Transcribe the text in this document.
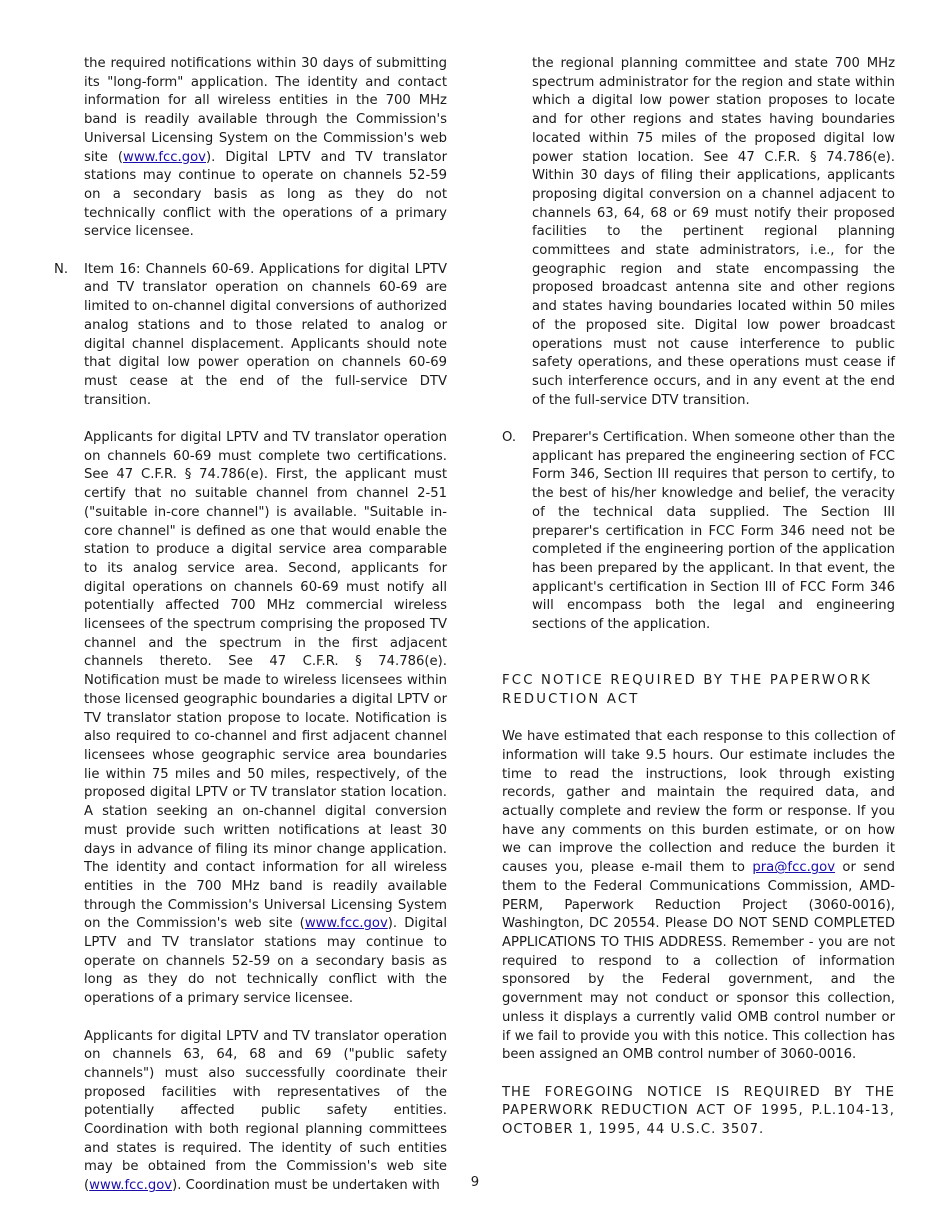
the required notifications within 30 days of submitting its "long-form" application. The identity and contact information for all wireless entities in the 700 MHz band is readily available through the Commission's Universal Licensing System on the Commission's web site (www.fcc.gov). Digital LPTV and TV translator stations may continue to operate on channels 52-59 on a secondary basis as long as they do not technically conflict with the operations of a primary service licensee.

N. Item 16: Channels 60-69. Applications for digital LPTV and TV translator operation on channels 60-69 are limited to on-channel digital conversions of authorized analog stations and to those related to analog or digital channel displacement. Applicants should note that digital low power operation on channels 60-69 must cease at the end of the full-service DTV transition.

Applicants for digital LPTV and TV translator operation on channels 60-69 must complete two certifications. See 47 C.F.R. § 74.786(e). First, the applicant must certify that no suitable channel from channel 2-51 ("suitable in-core channel") is available. "Suitable in-core channel" is defined as one that would enable the station to produce a digital service area comparable to its analog service area. Second, applicants for digital operations on channels 60-69 must notify all potentially affected 700 MHz commercial wireless licensees of the spectrum comprising the proposed TV channel and the spectrum in the first adjacent channels thereto. See 47 C.F.R. § 74.786(e). Notification must be made to wireless licensees within those licensed geographic boundaries a digital LPTV or TV translator station propose to locate. Notification is also required to co-channel and first adjacent channel licensees whose geographic service area boundaries lie within 75 miles and 50 miles, respectively, of the proposed digital LPTV or TV translator station location. A station seeking an on-channel digital conversion must provide such written notifications at least 30 days in advance of filing its minor change application. The identity and contact information for all wireless entities in the 700 MHz band is readily available through the Commission's Universal Licensing System on the Commission's web site (www.fcc.gov). Digital LPTV and TV translator stations may continue to operate on channels 52-59 on a secondary basis as long as they do not technically conflict with the operations of a primary service licensee.

Applicants for digital LPTV and TV translator operation on channels 63, 64, 68 and 69 ("public safety channels") must also successfully coordinate their proposed facilities with representatives of the potentially affected public safety entities. Coordination with both regional planning committees and states is required. The identity of such entities may be obtained from the Commission's web site (www.fcc.gov). Coordination must be undertaken with

the regional planning committee and state 700 MHz spectrum administrator for the region and state within which a digital low power station proposes to locate and for other regions and states having boundaries located within 75 miles of the proposed digital low power station location. See 47 C.F.R. § 74.786(e). Within 30 days of filing their applications, applicants proposing digital conversion on a channel adjacent to channels 63, 64, 68 or 69 must notify their proposed facilities to the pertinent regional planning committees and state administrators, i.e., for the geographic region and state encompassing the proposed broadcast antenna site and other regions and states having boundaries located within 50 miles of the proposed site. Digital low power broadcast operations must not cause interference to public safety operations, and these operations must cease if such interference occurs, and in any event at the end of the full-service DTV transition.

O. Preparer's Certification. When someone other than the applicant has prepared the engineering section of FCC Form 346, Section III requires that person to certify, to the best of his/her knowledge and belief, the veracity of the technical data supplied. The Section III preparer's certification in FCC Form 346 need not be completed if the engineering portion of the application has been prepared by the applicant. In that event, the applicant's certification in Section III of FCC Form 346 will encompass both the legal and engineering sections of the application.

FCC NOTICE REQUIRED BY THE PAPERWORK REDUCTION ACT

We have estimated that each response to this collection of information will take 9.5 hours. Our estimate includes the time to read the instructions, look through existing records, gather and maintain the required data, and actually complete and review the form or response. If you have any comments on this burden estimate, or on how we can improve the collection and reduce the burden it causes you, please e-mail them to pra@fcc.gov or send them to the Federal Communications Commission, AMD-PERM, Paperwork Reduction Project (3060-0016), Washington, DC 20554. Please DO NOT SEND COMPLETED APPLICATIONS TO THIS ADDRESS. Remember - you are not required to respond to a collection of information sponsored by the Federal government, and the government may not conduct or sponsor this collection, unless it displays a currently valid OMB control number or if we fail to provide you with this notice. This collection has been assigned an OMB control number of 3060-0016.

THE FOREGOING NOTICE IS REQUIRED BY THE PAPERWORK REDUCTION ACT OF 1995, P.L.104-13, OCTOBER 1, 1995, 44 U.S.C. 3507.

9
